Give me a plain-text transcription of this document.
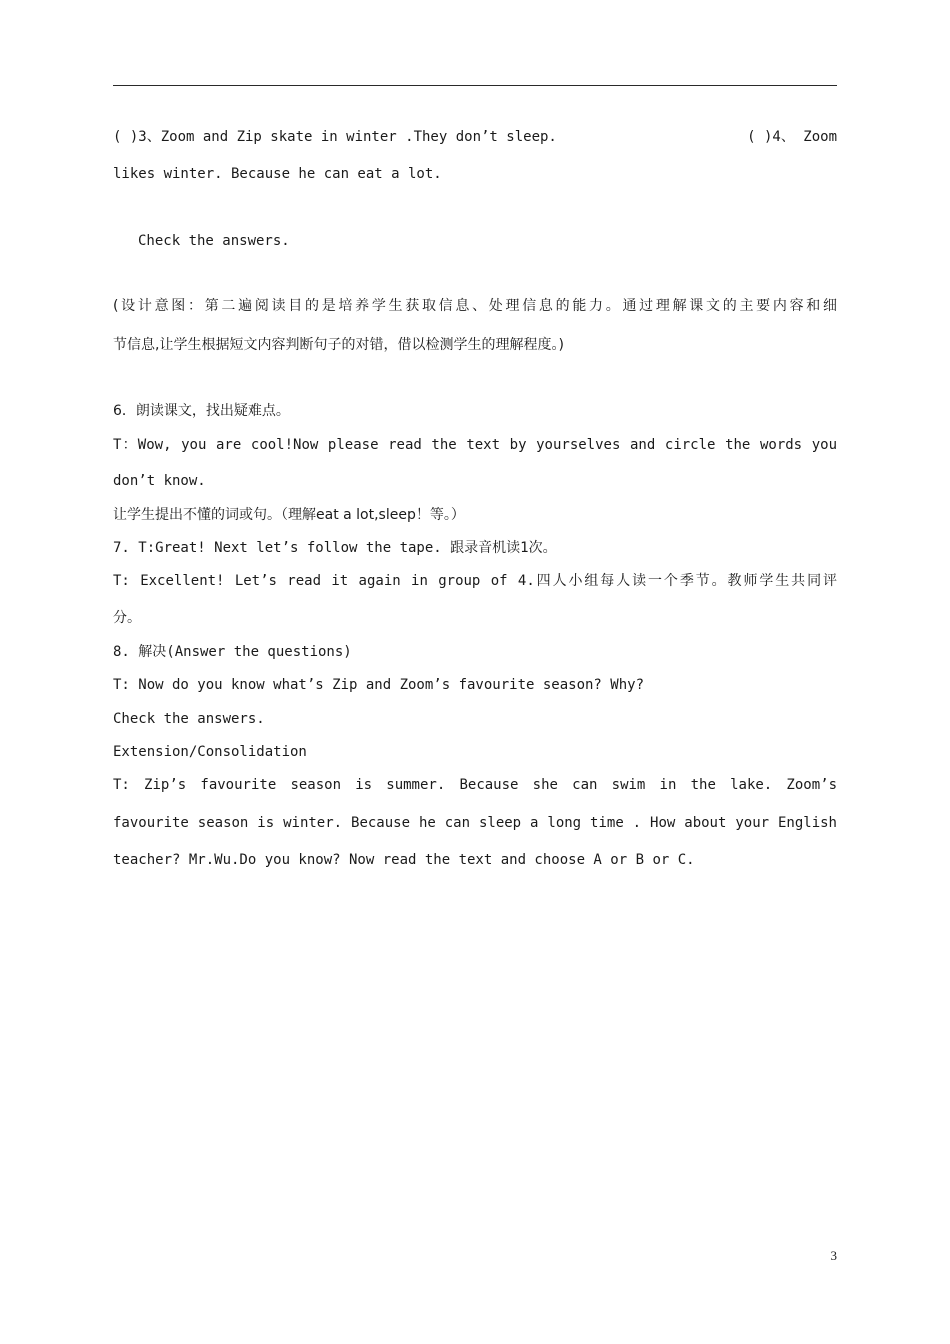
( )3、Zoom and Zip skate in winter .They don’t sleep.	( )4、 Zoom
likes winter. Because he can eat a lot.
Check the answers.
(设计意图：第二遍阅读目的是培养学生获取信息、处理信息的能力。通过理解课文的主要内容和细
节信息,让学生根据短文内容判断句子的对错，借以检测学生的理解程度。)
6．朗读课文，找出疑难点。
T：Wow, you are cool!Now please read the text by yourselves and circle the words you
don’t know.
让学生提出不懂的词或句。（理解eat a lot,sleep！等。）
7. T:Great! Next let’s follow the tape. 跟录音机读1次。
T: Excellent! Let’s read it again in group of 4.四人小组每人读一个季节。教师学生共同评
分。
8. 解决(Answer the questions)
T: Now do you know what’s Zip and Zoom’s favourite season? Why?
Check the answers.
Extension/Consolidation
T: Zip’s favourite season is summer. Because she can swim in the lake. Zoom’s
favourite season is winter. Because he can sleep a long time . How about your English
teacher? Mr.Wu.Do you know? Now read the text and choose A or B or C.
3
